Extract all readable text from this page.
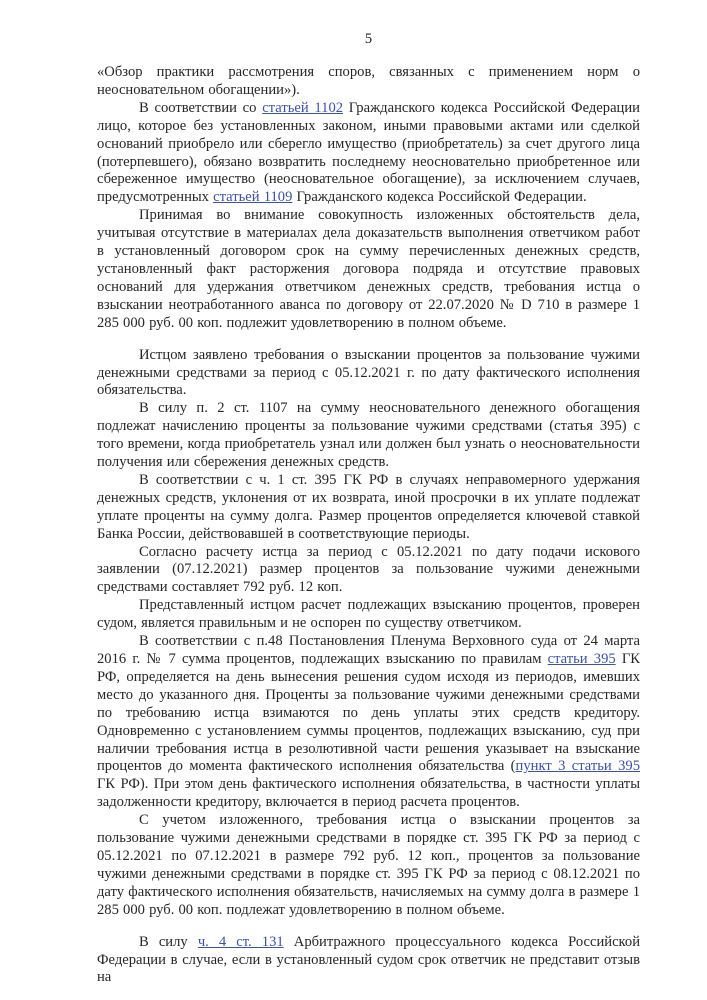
5

«Обзор практики рассмотрения споров, связанных с применением норм о неосновательном обогащении»).

В соответствии со статьей 1102 Гражданского кодекса Российской Федерации лицо, которое без установленных законом, иными правовыми актами или сделкой оснований приобрело или сберегло имущество (приобретатель) за счет другого лица (потерпевшего), обязано возвратить последнему неосновательно приобретенное или сбереженное имущество (неосновательное обогащение), за исключением случаев, предусмотренных статьей 1109 Гражданского кодекса Российской Федерации.

Принимая во внимание совокупность изложенных обстоятельств дела, учитывая отсутствие в материалах дела доказательств выполнения ответчиком работ в установленный договором срок на сумму перечисленных денежных средств, установленный факт расторжения договора подряда и отсутствие правовых оснований для удержания ответчиком денежных средств, требования истца о взыскании неотработанного аванса по договору от 22.07.2020 № D 710 в размере 1 285 000 руб. 00 коп. подлежит удовлетворению в полном объеме.

Истцом заявлено требования о взыскании процентов за пользование чужими денежными средствами за период с 05.12.2021 г. по дату фактического исполнения обязательства.

В силу п. 2 ст. 1107 на сумму неосновательного денежного обогащения подлежат начислению проценты за пользование чужими средствами (статья 395) с того времени, когда приобретатель узнал или должен был узнать о неосновательности получения или сбережения денежных средств.

В соответствии с ч. 1 ст. 395 ГК РФ в случаях неправомерного удержания денежных средств, уклонения от их возврата, иной просрочки в их уплате подлежат уплате проценты на сумму долга. Размер процентов определяется ключевой ставкой Банка России, действовавшей в соответствующие периоды.

Согласно расчету истца за период с 05.12.2021 по дату подачи искового заявлении (07.12.2021) размер процентов за пользование чужими денежными средствами составляет 792 руб. 12 коп.

Представленный истцом расчет подлежащих взысканию процентов, проверен судом, является правильным и не оспорен по существу ответчиком.

В соответствии с п.48 Постановления Пленума Верховного суда от 24 марта 2016 г. № 7 сумма процентов, подлежащих взысканию по правилам статьи 395 ГК РФ, определяется на день вынесения решения судом исходя из периодов, имевших место до указанного дня. Проценты за пользование чужими денежными средствами по требованию истца взимаются по день уплаты этих средств кредитору. Одновременно с установлением суммы процентов, подлежащих взысканию, суд при наличии требования истца в резолютивной части решения указывает на взыскание процентов до момента фактического исполнения обязательства (пункт 3 статьи 395 ГК РФ). При этом день фактического исполнения обязательства, в частности уплаты задолженности кредитору, включается в период расчета процентов.

С учетом изложенного, требования истца о взыскании процентов за пользование чужими денежными средствами в порядке ст. 395 ГК РФ за период с 05.12.2021 по 07.12.2021 в размере 792 руб. 12 коп., процентов за пользование чужими денежными средствами в порядке ст. 395 ГК РФ за период с 08.12.2021 по дату фактического исполнения обязательств, начисляемых на сумму долга в размере 1 285 000 руб. 00 коп. подлежат удовлетворению в полном объеме.

В силу ч. 4 ст. 131 Арбитражного процессуального кодекса Российской Федерации в случае, если в установленный судом срок ответчик не представит отзыв на
